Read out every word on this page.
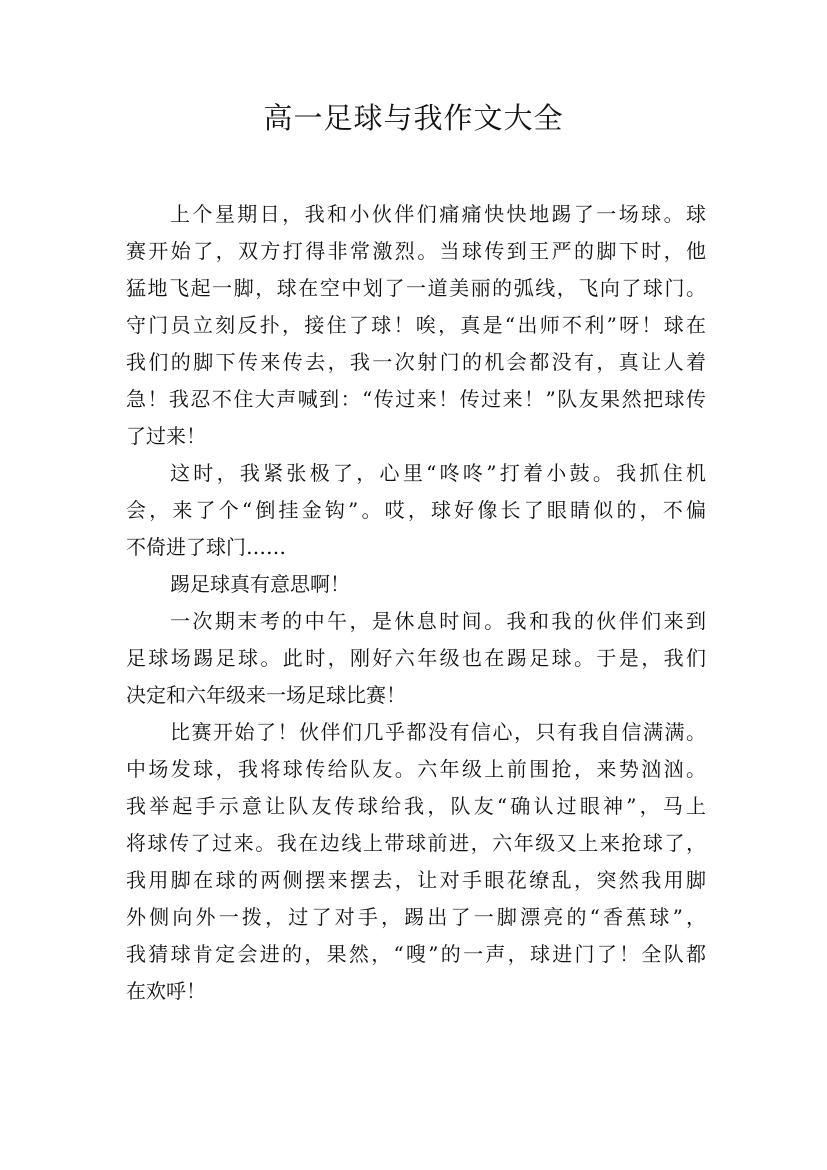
高一足球与我作文大全
上个星期日，我和小伙伴们痛痛快快地踢了一场球。球
赛开始了，双方打得非常激烈。当球传到王严的脚下时，他
猛地飞起一脚，球在空中划了一道美丽的弧线，飞向了球门。
守门员立刻反扑，接住了球！唉，真是“出师不利”呀！球在
我们的脚下传来传去，我一次射门的机会都没有，真让人着
急！我忍不住大声喊到：“传过来！传过来！”队友果然把球传
了过来！
这时，我紧张极了，心里“咚咚”打着小鼓。我抓住机
会，来了个“倒挂金钩”。哎，球好像长了眼睛似的，不偏
不倚进了球门……
踢足球真有意思啊！
一次期末考的中午，是休息时间。我和我的伙伴们来到
足球场踢足球。此时，刚好六年级也在踢足球。于是，我们
决定和六年级来一场足球比赛！
比赛开始了！伙伴们几乎都没有信心，只有我自信满满。
中场发球，我将球传给队友。六年级上前围抢，来势汹汹。
我举起手示意让队友传球给我，队友“确认过眼神”，马上
将球传了过来。我在边线上带球前进，六年级又上来抢球了，
我用脚在球的两侧摆来摆去，让对手眼花缭乱，突然我用脚
外侧向外一拨，过了对手，踢出了一脚漂亮的“香蕉球”，
我猜球肯定会进的，果然，“嗖”的一声，球进门了！全队都
在欢呼！
